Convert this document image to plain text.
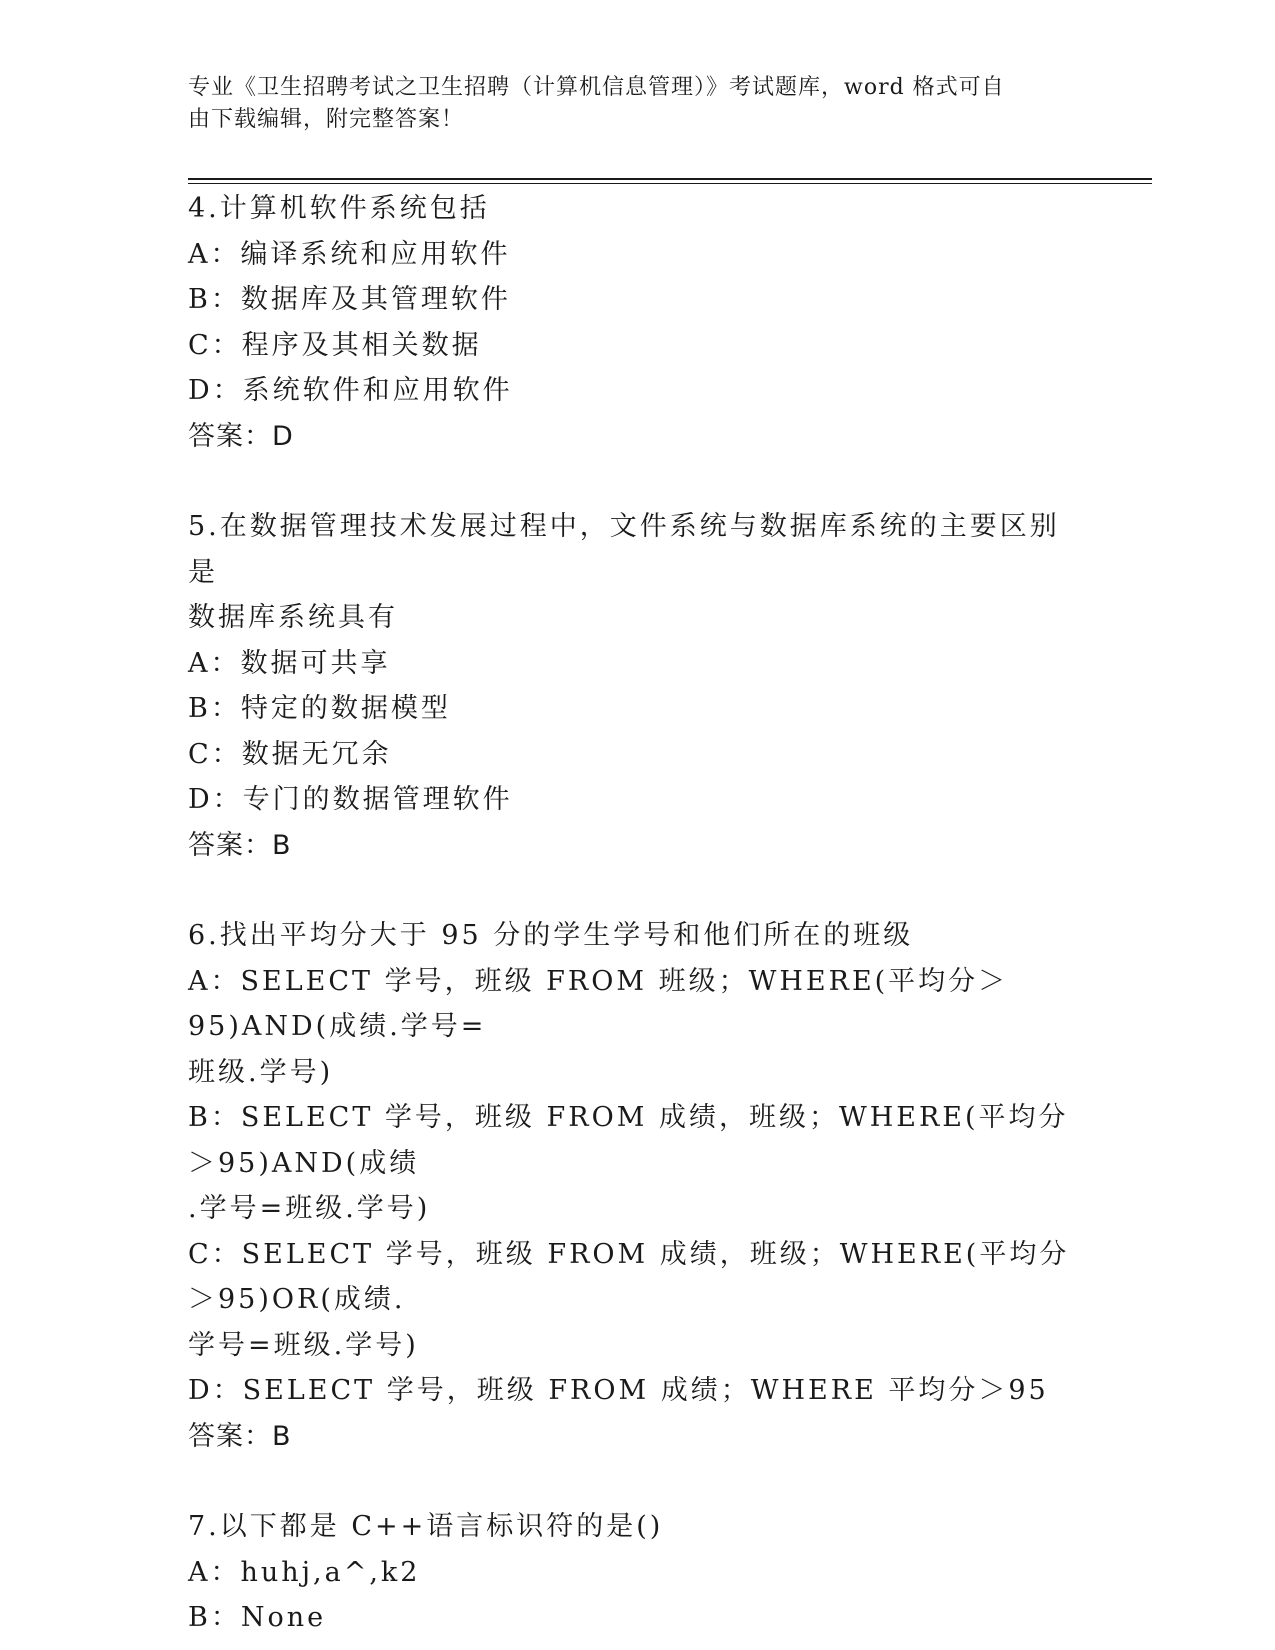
专业《卫生招聘考试之卫生招聘（计算机信息管理）》考试题库，word 格式可自
由下载编辑，附完整答案！
4.计算机软件系统包括
A：编译系统和应用软件
B：数据库及其管理软件
C：程序及其相关数据
D：系统软件和应用软件
答案：D
5.在数据管理技术发展过程中，文件系统与数据库系统的主要区别是
数据库系统具有
A：数据可共享
B：特定的数据模型
C：数据无冗余
D：专门的数据管理软件
答案：B
6.找出平均分大于 95 分的学生学号和他们所在的班级
A：SELECT 学号，班级 FROM 班级；WHERE(平均分＞95)AND(成绩.学号=
班级.学号)
B：SELECT 学号，班级 FROM 成绩，班级；WHERE(平均分＞95)AND(成绩
.学号=班级.学号)
C：SELECT 学号，班级 FROM 成绩，班级；WHERE(平均分＞95)OR(成绩.
学号=班级.学号)
D：SELECT 学号，班级 FROM 成绩；WHERE 平均分＞95
答案：B
7.以下都是 C++语言标识符的是()
A：huhj,a^,k2
B：None
